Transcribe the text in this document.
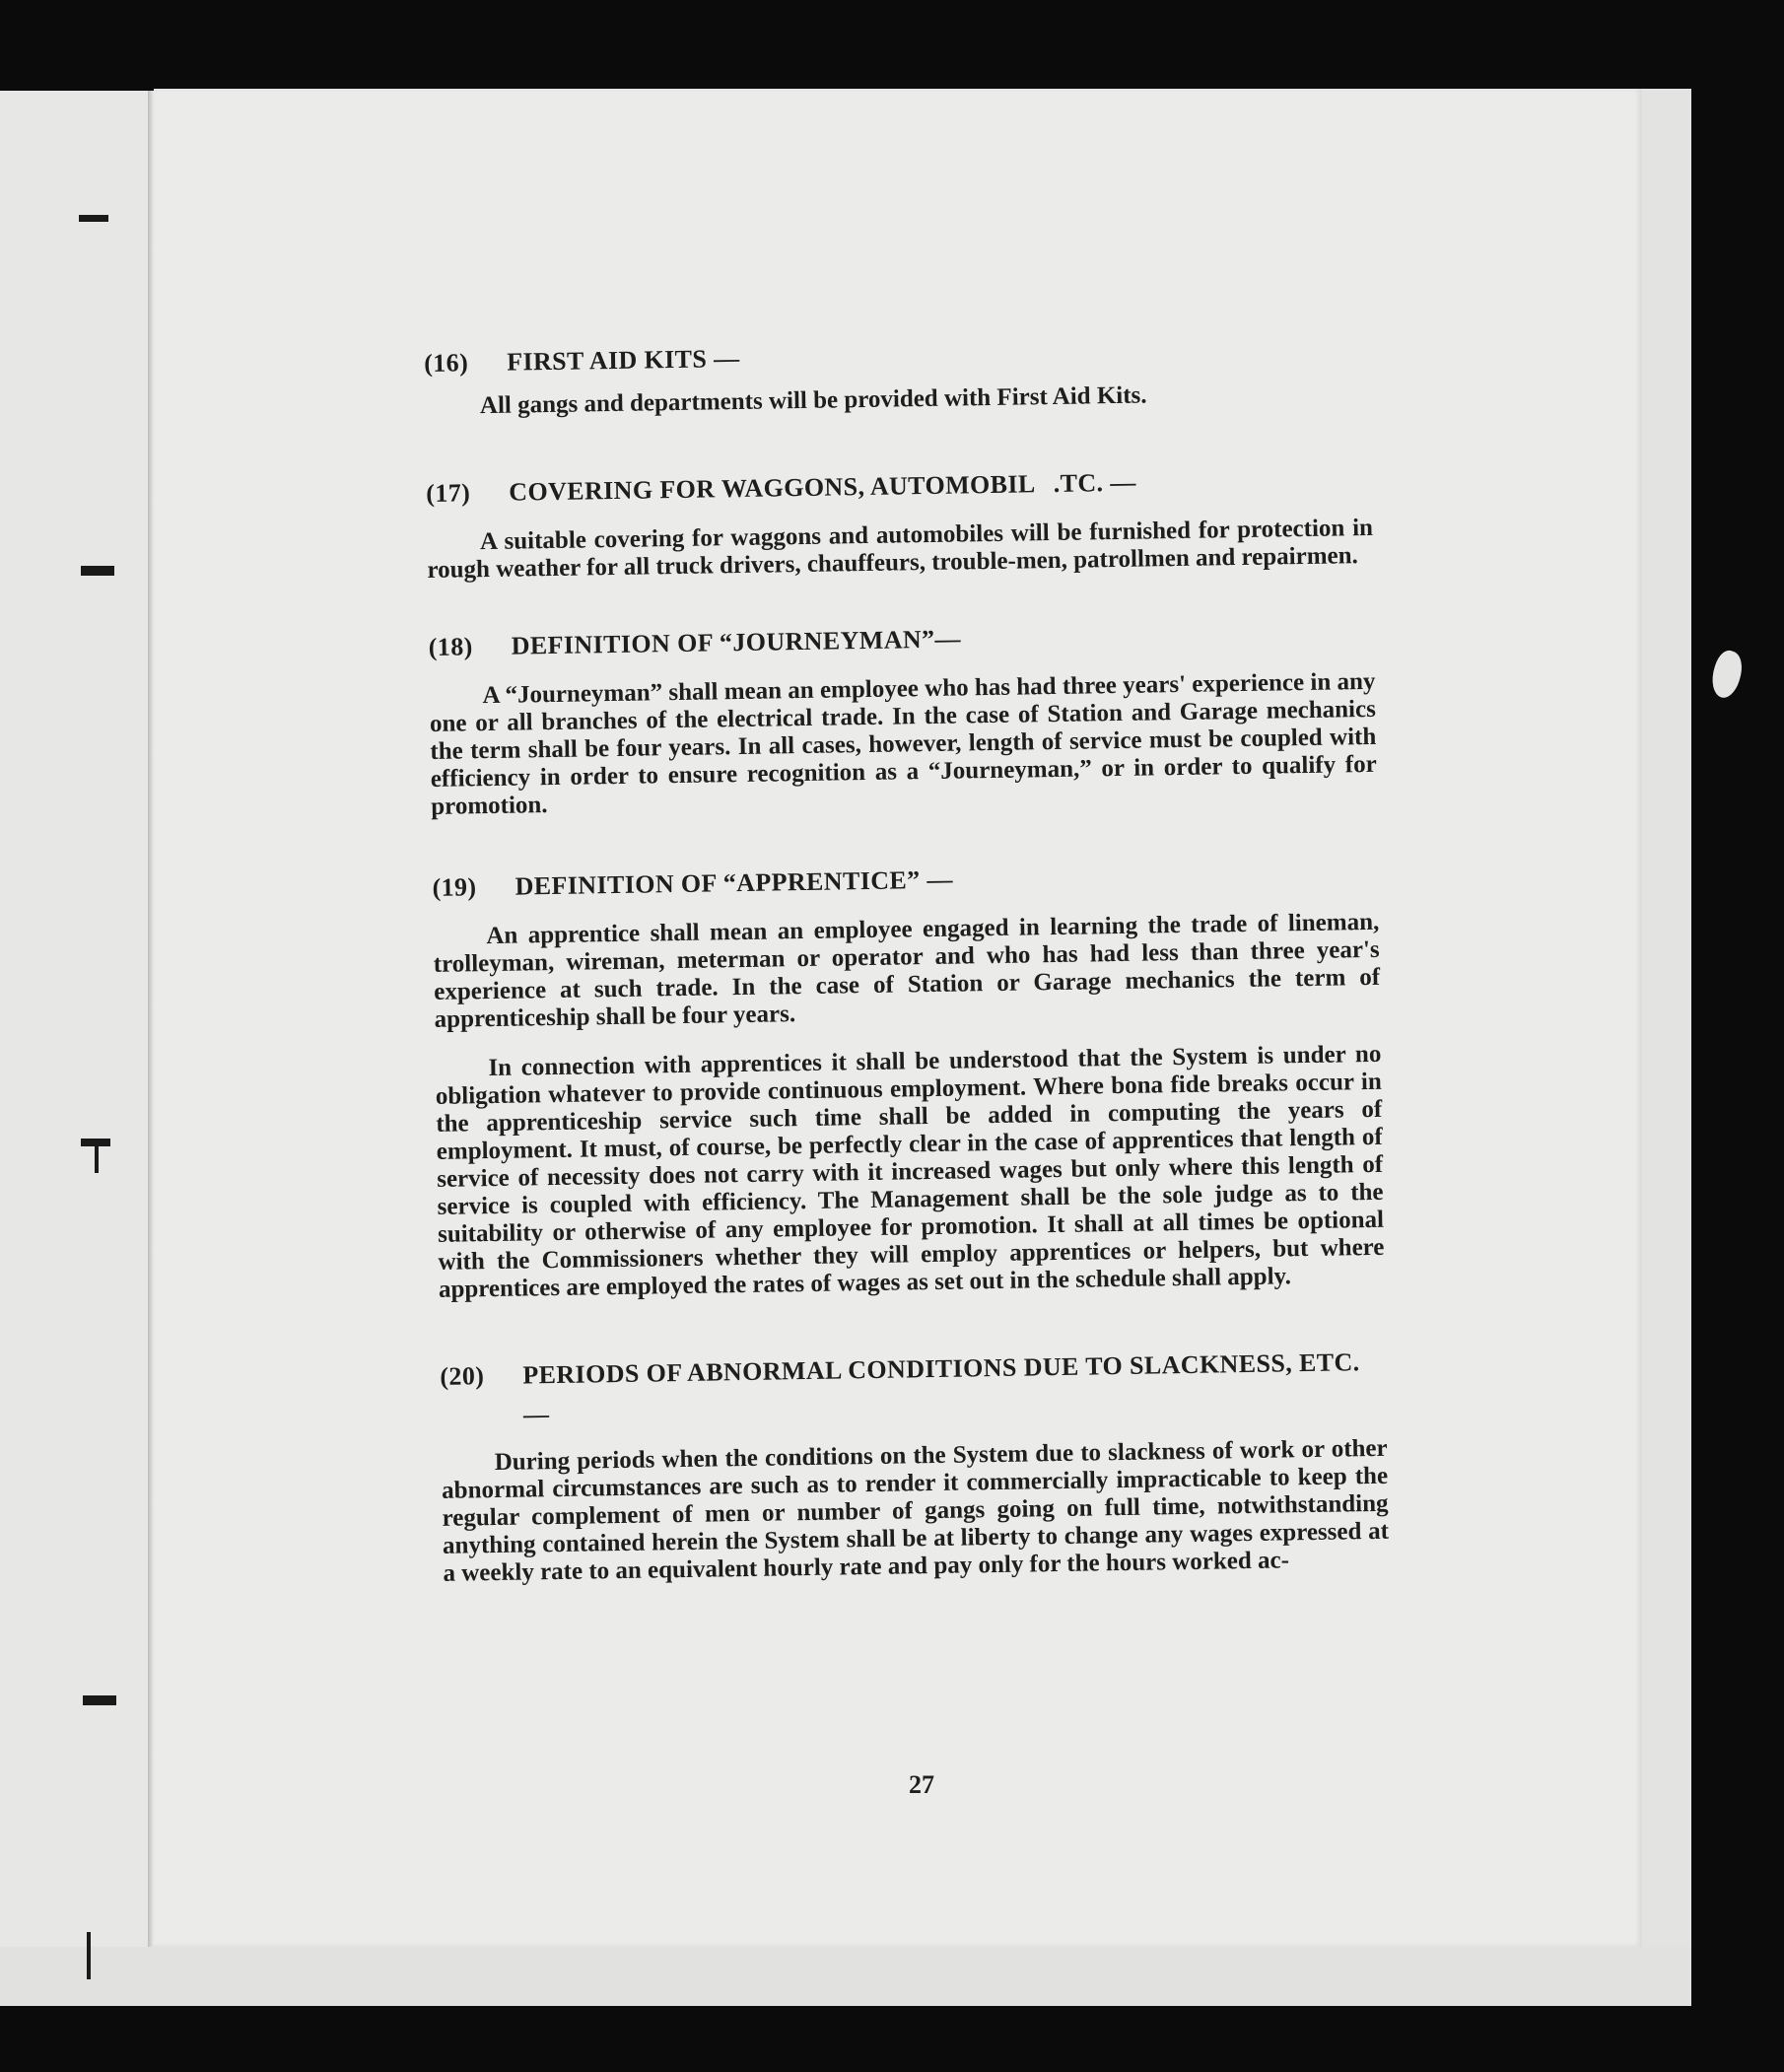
(16)	FIRST AID KITS —

All gangs and departments will be provided with First Aid Kits.

(17)	COVERING FOR WAGGONS, AUTOMOBIL   .TC. —

A suitable covering for waggons and automobiles will be furnished for protection in rough weather for all truck drivers, chauffeurs, trouble-men, patrollmen and repairmen.

(18)	DEFINITION OF “JOURNEYMAN”—

A “Journeyman” shall mean an employee who has had three years' experience in any one or all branches of the electrical trade. In the case of Station and Garage mechanics the term shall be four years. In all cases, however, length of service must be coupled with efficiency in order to ensure recognition as a “Journeyman,” or in order to qualify for promotion.

(19)	DEFINITION OF “APPRENTICE” —

An apprentice shall mean an employee engaged in learning the trade of lineman, trolleyman, wireman, meterman or operator and who has had less than three year's experience at such trade. In the case of Station or Garage mechanics the term of apprenticeship shall be four years.

In connection with apprentices it shall be understood that the System is under no obligation whatever to provide continuous employment. Where bona fide breaks occur in the apprenticeship service such time shall be added in computing the years of employment. It must, of course, be perfectly clear in the case of apprentices that length of service of necessity does not carry with it increased wages but only where this length of service is coupled with efficiency. The Management shall be the sole judge as to the suitability or otherwise of any employee for promotion. It shall at all times be optional with the Commissioners whether they will employ apprentices or helpers, but where apprentices are employed the rates of wages as set out in the schedule shall apply.

(20)	PERIODS OF ABNORMAL CONDITIONS DUE TO SLACKNESS, ETC. —

During periods when the conditions on the System due to slackness of work or other abnormal circumstances are such as to render it commercially impracticable to keep the regular complement of men or number of gangs going on full time, notwithstanding anything contained herein the System shall be at liberty to change any wages expressed at a weekly rate to an equivalent hourly rate and pay only for the hours worked ac-

27
